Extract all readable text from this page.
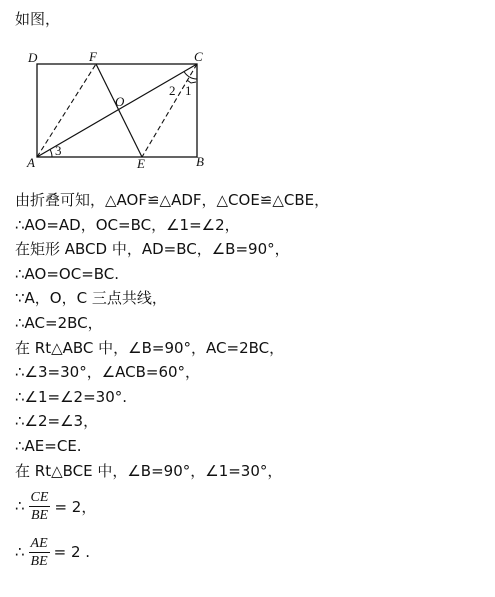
如图，
D	F	C
O
A	E	B
2 1
3
由折叠可知，△AOF≌△ADF，△COE≌△CBE，
∴AO=AD，OC=BC，∠1=∠2，
在矩形 ABCD 中，AD=BC，∠B=90°，
∴AO=OC=BC.
∵A，O，C 三点共线，
∴AC=2BC，
在 Rt△ABC 中，∠B=90°，AC=2BC，
∴∠3=30°，∠ACB=60°，
∴∠1=∠2=30°.
∴∠2=∠3，
∴AE=CE.
在 Rt△BCE 中，∠B=90°，∠1=30°，
∴ $\frac{CE}{BE} = 2$，
∴ $\frac{AE}{BE} = 2$ .
